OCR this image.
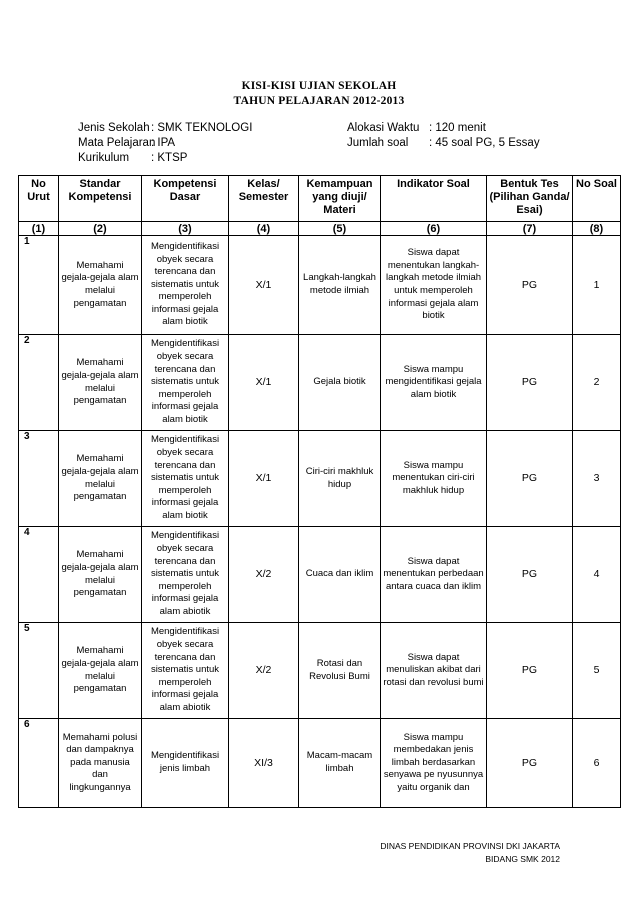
KISI-KISI UJIAN SEKOLAH
TAHUN PELAJARAN 2012-2013
Jenis Sekolah : SMK TEKNOLOGI
Mata Pelajaran
: IPA
Kurikulum	: KTSP
Alokasi Waktu : 120 menit
Jumlah soal	: 45 soal PG, 5 Essay
No Urut	Standar Kompetensi	Kompetensi Dasar	Kelas/ Semester	Kemampuan yang diuji/ Materi	Indikator Soal	Bentuk Tes (Pilihan Ganda/ Esai)	No Soal
(1)	(2)	(3)	(4)	(5)	(6)	(7)	(8)
1	Memahami gejala-gejala alam melalui pengamatan	Mengidentifikasi obyek secara terencana dan sistematis untuk memperoleh informasi gejala alam biotik	X/1	Langkah-langkah metode ilmiah	Siswa dapat menentukan langkah-langkah metode ilmiah untuk memperoleh informasi gejala alam biotik	PG	1
2	Memahami gejala-gejala alam melalui pengamatan	Mengidentifikasi obyek secara terencana dan sistematis untuk memperoleh informasi gejala alam biotik	X/1	Gejala biotik	Siswa mampu mengidentifikasi gejala alam biotik	PG	2
3	Memahami gejala-gejala alam melalui pengamatan	Mengidentifikasi obyek secara terencana dan sistematis untuk memperoleh informasi gejala alam biotik	X/1	Ciri-ciri makhluk hidup	Siswa mampu menentukan ciri-ciri makhluk hidup	PG	3
4	Memahami gejala-gejala alam melalui pengamatan	Mengidentifikasi obyek secara terencana dan sistematis untuk memperoleh informasi gejala alam abiotik	X/2	Cuaca dan iklim	Siswa dapat menentukan perbedaan antara cuaca dan iklim	PG	4
5	Memahami gejala-gejala alam melalui pengamatan	Mengidentifikasi obyek secara terencana dan sistematis untuk memperoleh informasi gejala alam abiotik	X/2	Rotasi dan Revolusi Bumi	Siswa dapat menuliskan akibat dari rotasi dan revolusi bumi	PG	5
6	Memahami polusi dan dampaknya pada manusia dan lingkungannya	Mengidentifikasi jenis limbah	XI/3	Macam-macam limbah	Siswa mampu membedakan jenis limbah berdasarkan senyawa pe nyusunnya yaitu organik dan	PG	6
DINAS PENDIDIKAN PROVINSI DKI JAKARTA
BIDANG SMK 2012
